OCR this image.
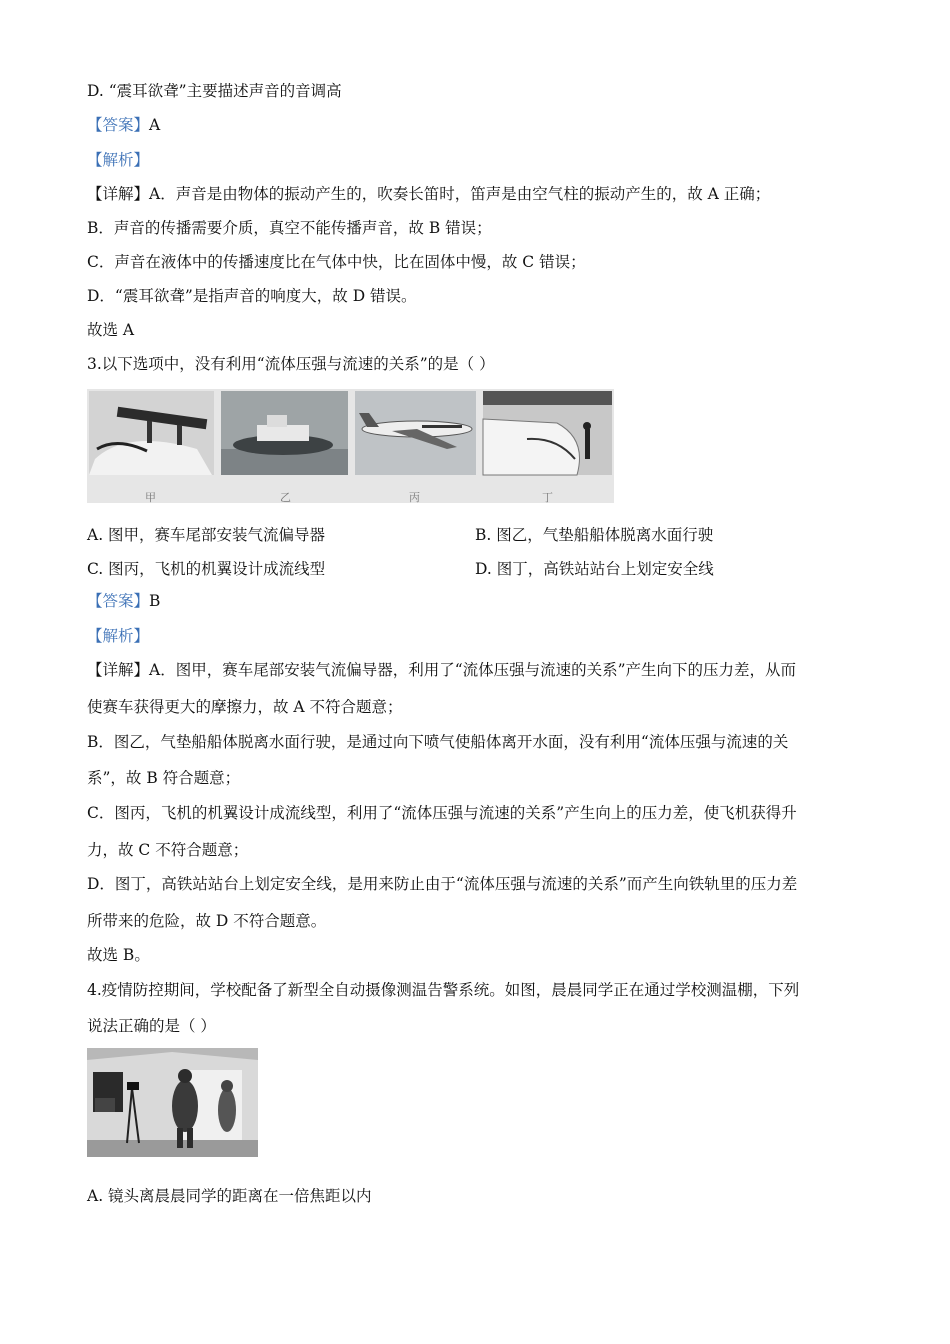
D. “震耳欲聋”主要描述声音的音调高
【答案】A
【解析】
【详解】A．声音是由物体的振动产生的，吹奏长笛时，笛声是由空气柱的振动产生的，故 A 正确；
B．声音的传播需要介质，真空不能传播声音，故 B 错误；
C．声音在液体中的传播速度比在气体中快，比在固体中慢，故 C 错误；
D．“震耳欲聋”是指声音的响度大，故 D 错误。
故选 A
3.以下选项中，没有利用“流体压强与流速的关系”的是（ ）
甲	乙	丙	丁
A. 图甲，赛车尾部安装气流偏导器	B. 图乙，气垫船船体脱离水面行驶
C. 图丙，飞机的机翼设计成流线型	D. 图丁，高铁站站台上划定安全线
【答案】B
【解析】
【详解】A．图甲，赛车尾部安装气流偏导器，利用了“流体压强与流速的关系”产生向下的压力差，从而
使赛车获得更大的摩擦力，故 A 不符合题意；
B．图乙，气垫船船体脱离水面行驶，是通过向下喷气使船体离开水面，没有利用“流体压强与流速的关
系”，故 B 符合题意；
C．图丙，飞机的机翼设计成流线型，利用了“流体压强与流速的关系”产生向上的压力差，使飞机获得升
力，故 C 不符合题意；
D．图丁，高铁站站台上划定安全线，是用来防止由于“流体压强与流速的关系”而产生向铁轨里的压力差
所带来的危险，故 D 不符合题意。
故选 B。
4.疫情防控期间，学校配备了新型全自动摄像测温告警系统。如图，晨晨同学正在通过学校测温棚，下列
说法正确的是（ ）
A. 镜头离晨晨同学的距离在一倍焦距以内
